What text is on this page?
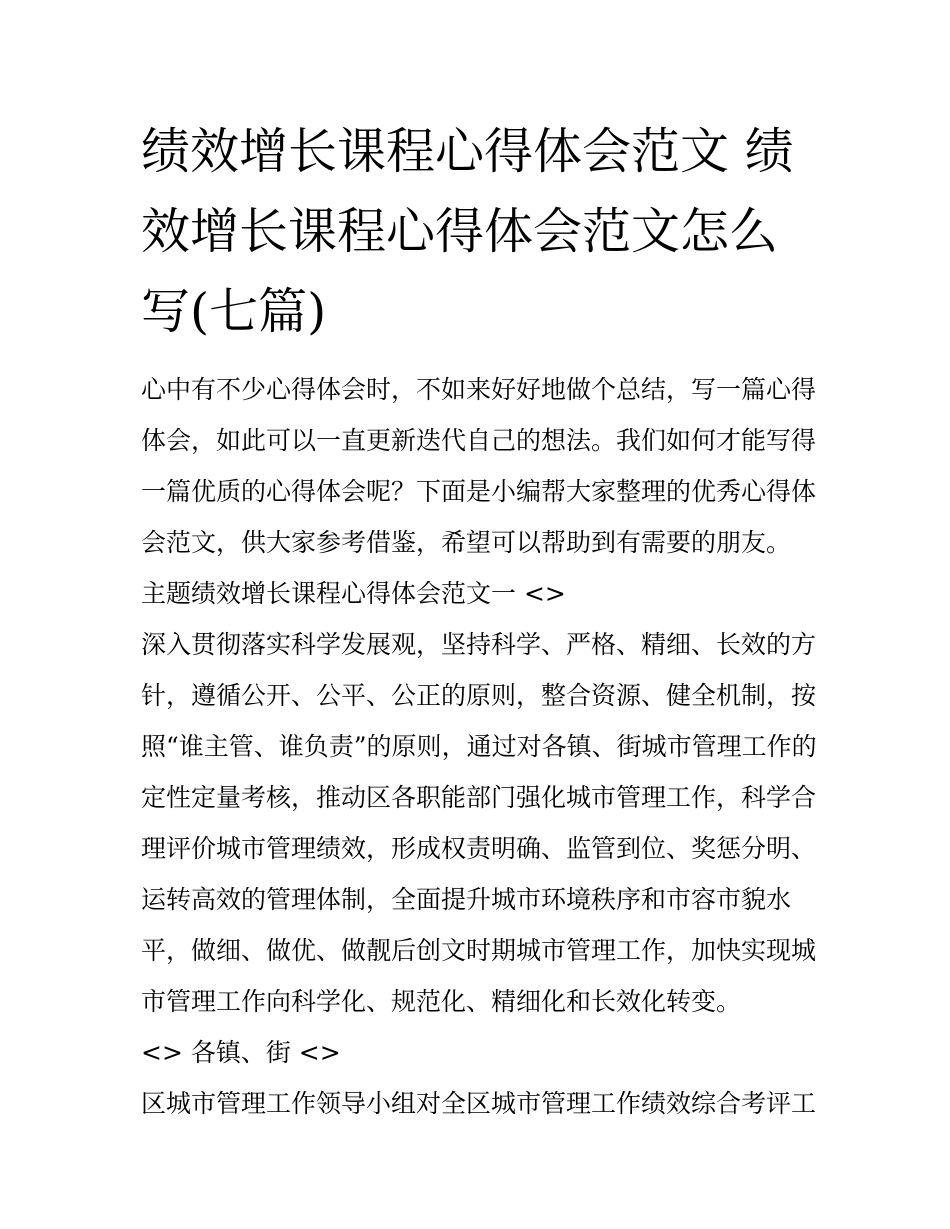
绩效增长课程心得体会范文 绩
效增长课程心得体会范文怎么
写(七篇)
心中有不少心得体会时，不如来好好地做个总结，写一篇心得
体会，如此可以一直更新迭代自己的想法。我们如何才能写得
一篇优质的心得体会呢？下面是小编帮大家整理的优秀心得体
会范文，供大家参考借鉴，希望可以帮助到有需要的朋友。
主题绩效增长课程心得体会范文一 <>
深入贯彻落实科学发展观，坚持科学、严格、精细、长效的方
针，遵循公开、公平、公正的原则，整合资源、健全机制，按
照“谁主管、谁负责”的原则，通过对各镇、街城市管理工作的
定性定量考核，推动区各职能部门强化城市管理工作，科学合
理评价城市管理绩效，形成权责明确、监管到位、奖惩分明、
运转高效的管理体制，全面提升城市环境秩序和市容市貌水
平，做细、做优、做靓后创文时期城市管理工作，加快实现城
市管理工作向科学化、规范化、精细化和长效化转变。
<> 各镇、街 <>
区城市管理工作领导小组对全区城市管理工作绩效综合考评工
